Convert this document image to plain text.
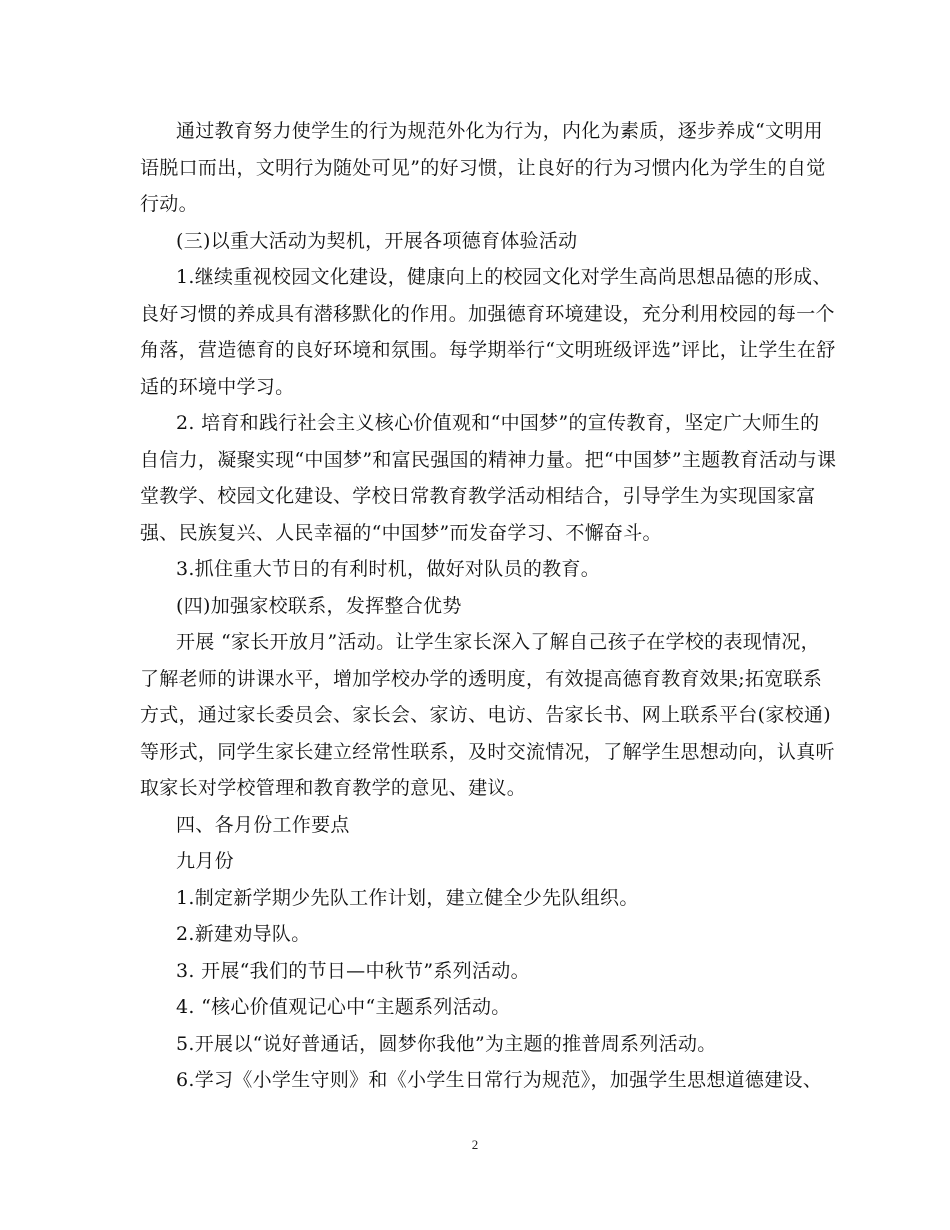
通过教育努力使学生的行为规范外化为行为，内化为素质，逐步养成“文明用
语脱口而出，文明行为随处可见”的好习惯，让良好的行为习惯内化为学生的自觉
行动。
(三)以重大活动为契机，开展各项德育体验活动
1.继续重视校园文化建设，健康向上的校园文化对学生高尚思想品德的形成、
良好习惯的养成具有潜移默化的作用。加强德育环境建设，充分利用校园的每一个
角落，营造德育的良好环境和氛围。每学期举行“文明班级评选”评比，让学生在舒
适的环境中学习。
2. 培育和践行社会主义核心价值观和“中国梦”的宣传教育，坚定广大师生的
自信力，凝聚实现“中国梦”和富民强国的精神力量。把“中国梦”主题教育活动与课
堂教学、校园文化建设、学校日常教育教学活动相结合，引导学生为实现国家富
强、民族复兴、人民幸福的“中国梦”而发奋学习、不懈奋斗。
3.抓住重大节日的有利时机，做好对队员的教育。
(四)加强家校联系，发挥整合优势
开展 “家长开放月”活动。让学生家长深入了解自己孩子在学校的表现情况，
了解老师的讲课水平，增加学校办学的透明度，有效提高德育教育效果;拓宽联系
方式，通过家长委员会、家长会、家访、电访、告家长书、网上联系平台(家校通)
等形式，同学生家长建立经常性联系，及时交流情况，了解学生思想动向，认真听
取家长对学校管理和教育教学的意见、建议。
四、各月份工作要点
九月份
1.制定新学期少先队工作计划，建立健全少先队组织。
2.新建劝导队。
3. 开展“我们的节日—中秋节”系列活动。
4. “核心价值观记心中“主题系列活动。
5.开展以“说好普通话，圆梦你我他”为主题的推普周系列活动。
6.学习《小学生守则》和《小学生日常行为规范》，加强学生思想道德建设、
2
